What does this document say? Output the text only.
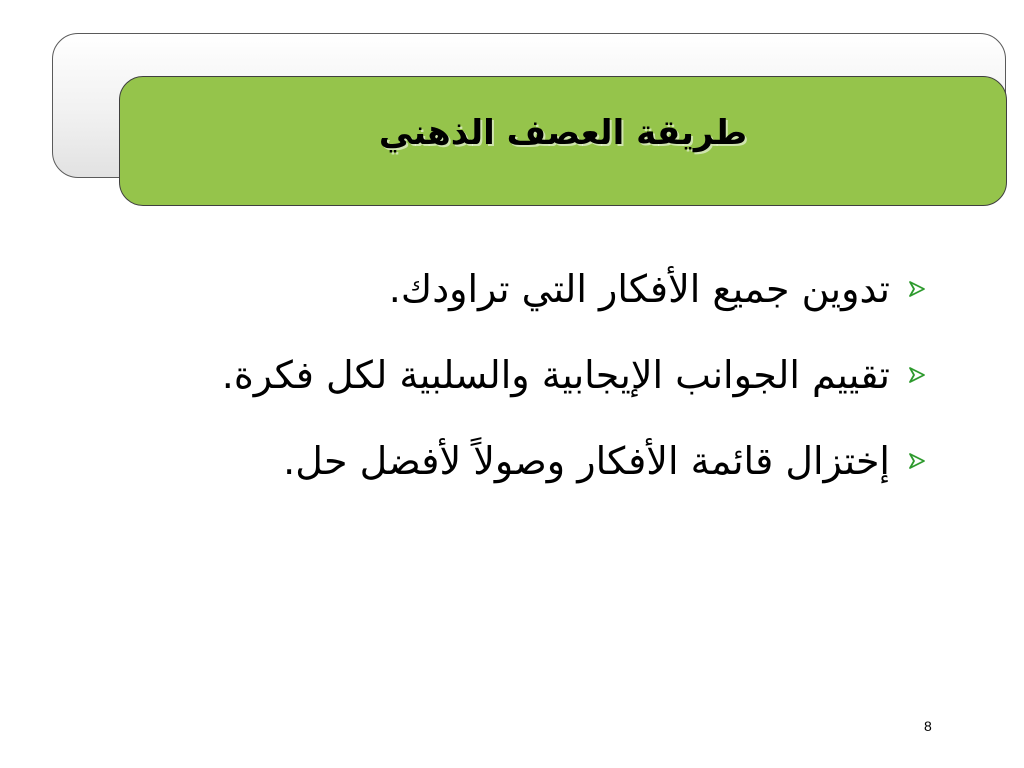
طريقة العصف الذهني
تدوين جميع الأفكار التي تراودك.
تقييم الجوانب الإيجابية والسلبية لكل فكرة.
إختزال قائمة الأفكار وصولاً لأفضل حل.
8
